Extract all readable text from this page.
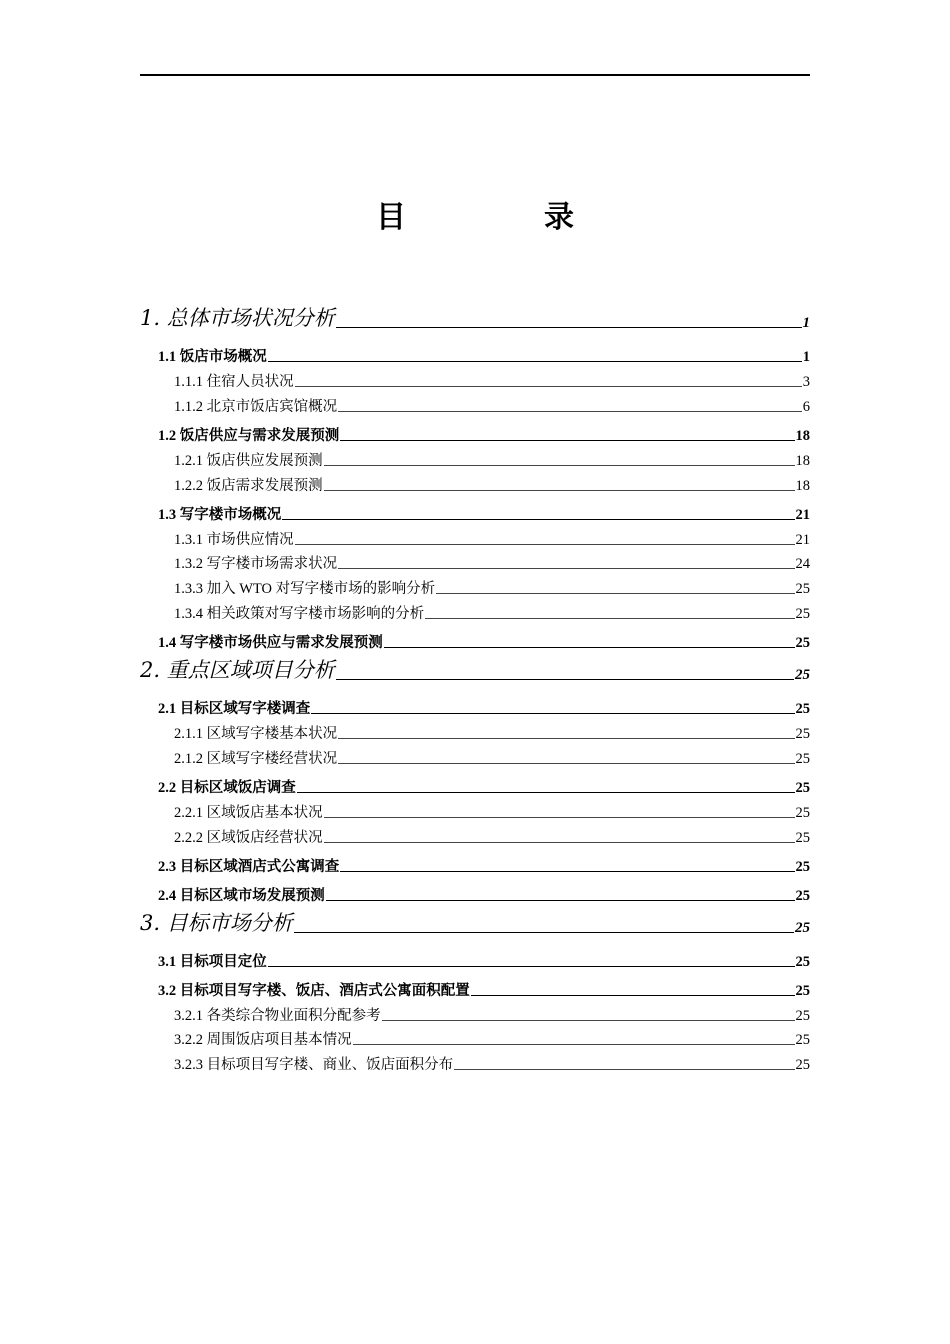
目　录
1. 总体市场状况分析	1
1.1 饭店市场概况	1
1.1.1 住宿人员状况	3
1.1.2 北京市饭店宾馆概况	6
1.2 饭店供应与需求发展预测	18
1.2.1 饭店供应发展预测	18
1.2.2 饭店需求发展预测	18
1.3 写字楼市场概况	21
1.3.1 市场供应情况	21
1.3.2 写字楼市场需求状况	24
1.3.3 加入 WTO 对写字楼市场的影响分析	25
1.3.4 相关政策对写字楼市场影响的分析	25
1.4 写字楼市场供应与需求发展预测	25
2. 重点区域项目分析	25
2.1 目标区域写字楼调查	25
2.1.1 区域写字楼基本状况	25
2.1.2 区域写字楼经营状况	25
2.2 目标区域饭店调查	25
2.2.1 区域饭店基本状况	25
2.2.2 区域饭店经营状况	25
2.3 目标区域酒店式公寓调查	25
2.4 目标区域市场发展预测	25
3. 目标市场分析	25
3.1 目标项目定位	25
3.2 目标项目写字楼、饭店、酒店式公寓面积配置	25
3.2.1 各类综合物业面积分配参考	25
3.2.2 周围饭店项目基本情况	25
3.2.3 目标项目写字楼、商业、饭店面积分布	25
